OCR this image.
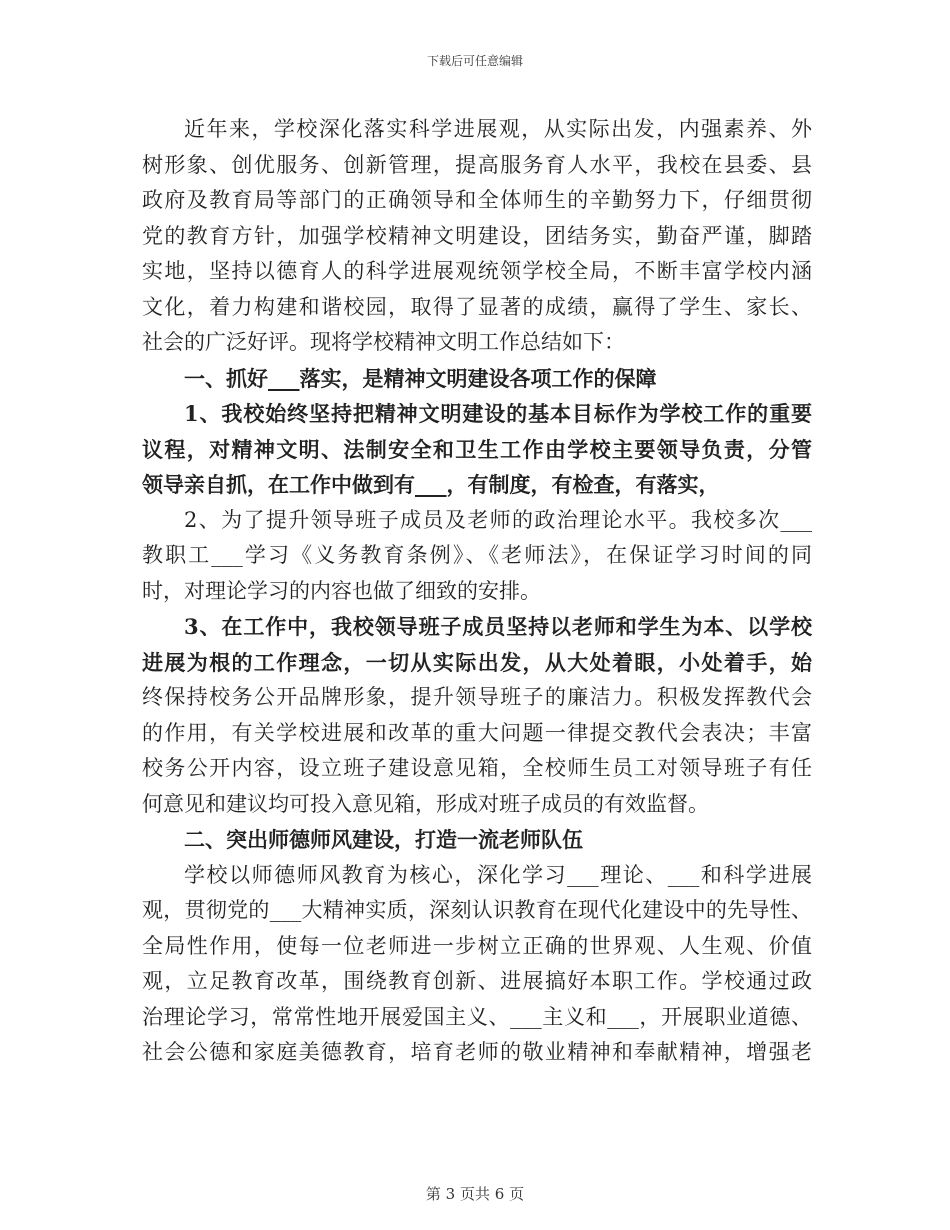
下载后可任意编辑
近年来，学校深化落实科学进展观，从实际出发，内强素养、外
树形象、创优服务、创新管理，提高服务育人水平，我校在县委、县
政府及教育局等部门的正确领导和全体师生的辛勤努力下，仔细贯彻
党的教育方针，加强学校精神文明建设，团结务实，勤奋严谨，脚踏
实地，坚持以德育人的科学进展观统领学校全局，不断丰富学校内涵
文化，着力构建和谐校园，取得了显著的成绩，赢得了学生、家长、
社会的广泛好评。现将学校精神文明工作总结如下：
一、抓好___落实，是精神文明建设各项工作的保障
1、我校始终坚持把精神文明建设的基本目标作为学校工作的重要
议程，对精神文明、法制安全和卫生工作由学校主要领导负责，分管
领导亲自抓，在工作中做到有___，有制度，有检查，有落实，
2、为了提升领导班子成员及老师的政治理论水平。我校多次___
教职工___学习《义务教育条例》、《老师法》，在保证学习时间的同
时，对理论学习的内容也做了细致的安排。
3、在工作中，我校领导班子成员坚持以老师和学生为本、以学校
进展为根的工作理念，一切从实际出发，从大处着眼，小处着手，始
终保持校务公开品牌形象，提升领导班子的廉洁力。积极发挥教代会
的作用，有关学校进展和改革的重大问题一律提交教代会表决；丰富
校务公开内容，设立班子建设意见箱，全校师生员工对领导班子有任
何意见和建议均可投入意见箱，形成对班子成员的有效监督。
二、突出师德师风建设，打造一流老师队伍
学校以师德师风教育为核心，深化学习___理论、___和科学进展
观，贯彻党的___大精神实质，深刻认识教育在现代化建设中的先导性、
全局性作用，使每一位老师进一步树立正确的世界观、人生观、价值
观，立足教育改革，围绕教育创新、进展搞好本职工作。学校通过政
治理论学习，常常性地开展爱国主义、___主义和___，开展职业道德、
社会公德和家庭美德教育，培育老师的敬业精神和奉献精神，增强老
第 3 页共 6 页
